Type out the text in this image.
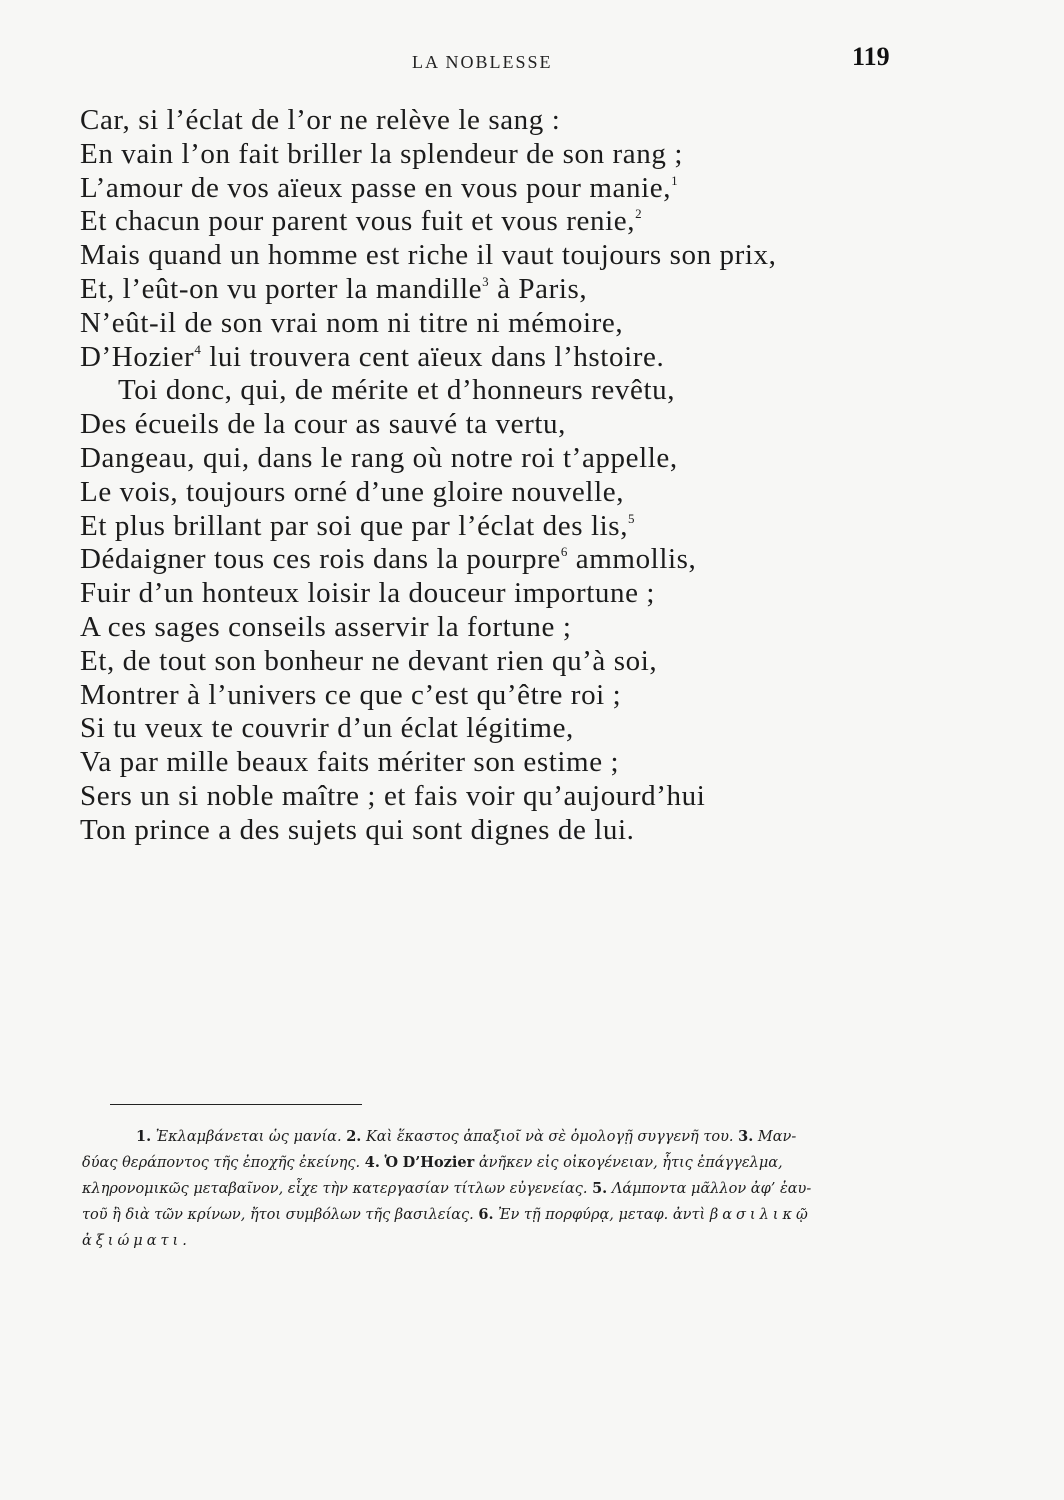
LA NOBLESSE	119
Car, si l’éclat de l’or ne relève le sang :
En vain l’on fait briller la splendeur de son rang ;
L’amour de vos aïeux passe en vous pour manie,$^1$
Et chacun pour parent vous fuit et vous renie,$^2$
Mais quand un homme est riche il vaut toujours son prix,
Et, l’eût-on vu porter la mandille$^3$ à Paris,
N’eût-il de son vrai nom ni titre ni mémoire,
D’Hozier$^4$ lui trouvera cent aïeux dans l’hstoire.
Toi donc, qui, de mérite et d’honneurs revêtu,
Des écueils de la cour as sauvé ta vertu,
Dangeau, qui, dans le rang où notre roi t’appelle,
Le vois, toujours orné d’une gloire nouvelle,
Et plus brillant par soi que par l’éclat des lis,$^5$
Dédaigner tous ces rois dans la pourpre$^6$ ammollis,
Fuir d’un honteux loisir la douceur importune ;
A ces sages conseils asservir la fortune ;
Et, de tout son bonheur ne devant rien qu’à soi,
Montrer à l’univers ce que c’est qu’être roi ;
Si tu veux te couvrir d’un éclat légitime,
Va par mille beaux faits mériter son estime ;
Sers un si noble maître ; et fais voir qu’aujourd’hui
Ton prince a des sujets qui sont dignes de lui.

1. Ἐκλαμβάνεται ὡς μανία. 2. Καὶ ἕκαστος ἀπαξιοῖ νὰ σὲ ὁμολογῇ συγγενῆ του. 3. Μαν-

δύας θεράποντος τῆς ἐποχῆς ἐκείνης. 4. Ὁ D’Hozier ἀνῆκεν εἰς οἰκογένειαν, ἧτις ἐπάγγελμα,

κληρονομικῶς μεταβαῖνον, εἶχε τὴν κατεργασίαν τίτλων εὐγενείας. 5. Λάμποντα μᾶλλον ἀφ’ ἑαυ-

τοῦ ἢ διὰ τῶν κρίνων, ἤτοι συμβόλων τῆς βασιλείας. 6. Ἐν τῇ πορφύρᾳ, μεταφ. ἀντὶ βασιλικῷ

ἀξιώματι.
